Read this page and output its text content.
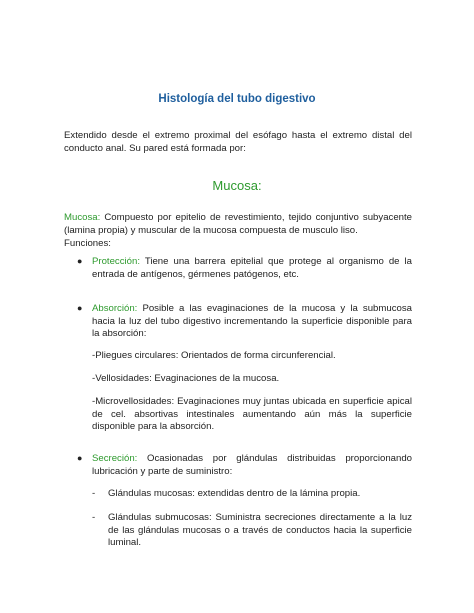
Histología del tubo digestivo
Extendido desde el extremo proximal del esófago hasta el extremo distal del conducto anal. Su pared está formada por:
Mucosa:
Mucosa: Compuesto por epitelio de revestimiento, tejido conjuntivo subyacente (lamina propia) y muscular de la mucosa compuesta de musculo liso.
Funciones:
● Protección: Tiene una barrera epitelial que protege al organismo de la entrada de antígenos, gérmenes patógenos, etc.
● Absorción: Posible a las evaginaciones de la mucosa y la submucosa hacia la luz del tubo digestivo incrementando la superficie disponible para la absorción:
-Pliegues circulares: Orientados de forma circunferencial.
-Vellosidades: Evaginaciones de la mucosa.
-Microvellosidades: Evaginaciones muy juntas ubicada en superficie apical de cel. absortivas intestinales aumentando aún más la superficie disponible para la absorción.
● Secreción: Ocasionadas por glándulas distribuidas proporcionando lubricación y parte de suministro:
- Glándulas mucosas: extendidas dentro de la lámina propia.
- Glándulas submucosas: Suministra secreciones directamente a la luz de las glándulas mucosas o a través de conductos hacia la superficie luminal.
